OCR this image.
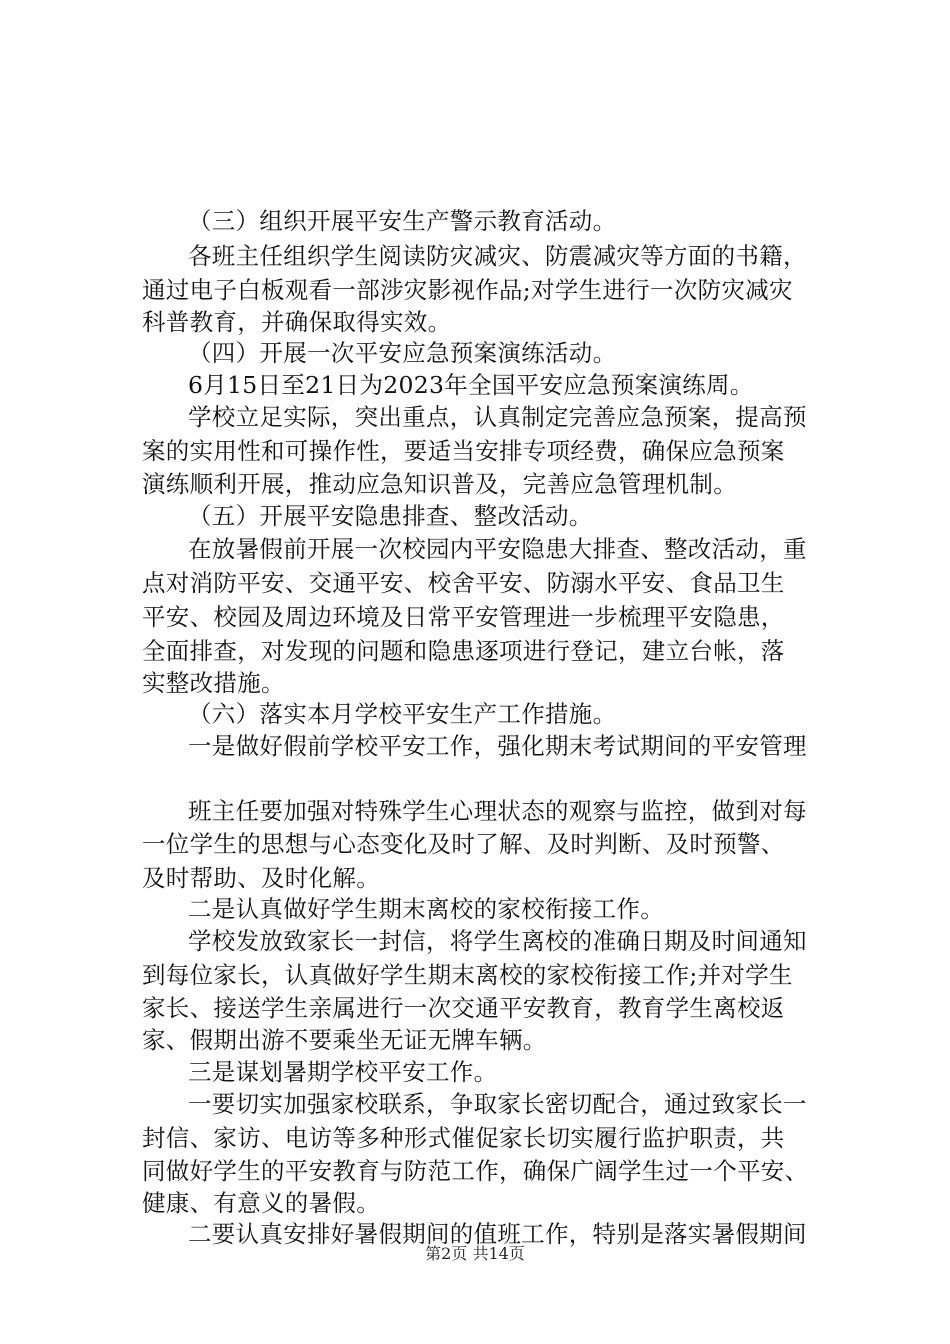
（三）组织开展平安生产警示教育活动。
各班主任组织学生阅读防灾减灾、防震减灾等方面的书籍，
通过电子白板观看一部涉灾影视作品;对学生进行一次防灾减灾
科普教育，并确保取得实效。
（四）开展一次平安应急预案演练活动。
6月15日至21日为2023年全国平安应急预案演练周。
学校立足实际，突出重点，认真制定完善应急预案，提高预
案的实用性和可操作性，要适当安排专项经费，确保应急预案
演练顺利开展，推动应急知识普及，完善应急管理机制。
（五）开展平安隐患排查、整改活动。
在放暑假前开展一次校园内平安隐患大排查、整改活动，重
点对消防平安、交通平安、校舍平安、防溺水平安、食品卫生
平安、校园及周边环境及日常平安管理进一步梳理平安隐患，
全面排查，对发现的问题和隐患逐项进行登记，建立台帐，落
实整改措施。
（六）落实本月学校平安生产工作措施。
一是做好假前学校平安工作，强化期末考试期间的平安管理
班主任要加强对特殊学生心理状态的观察与监控，做到对每
一位学生的思想与心态变化及时了解、及时判断、及时预警、
及时帮助、及时化解。
二是认真做好学生期末离校的家校衔接工作。
学校发放致家长一封信，将学生离校的准确日期及时间通知
到每位家长，认真做好学生期末离校的家校衔接工作;并对学生
家长、接送学生亲属进行一次交通平安教育，教育学生离校返
家、假期出游不要乘坐无证无牌车辆。
三是谋划暑期学校平安工作。
一要切实加强家校联系，争取家长密切配合，通过致家长一
封信、家访、电访等多种形式催促家长切实履行监护职责，共
同做好学生的平安教育与防范工作，确保广阔学生过一个平安、
健康、有意义的暑假。
二要认真安排好暑假期间的值班工作，特别是落实暑假期间
第2页 共14页
